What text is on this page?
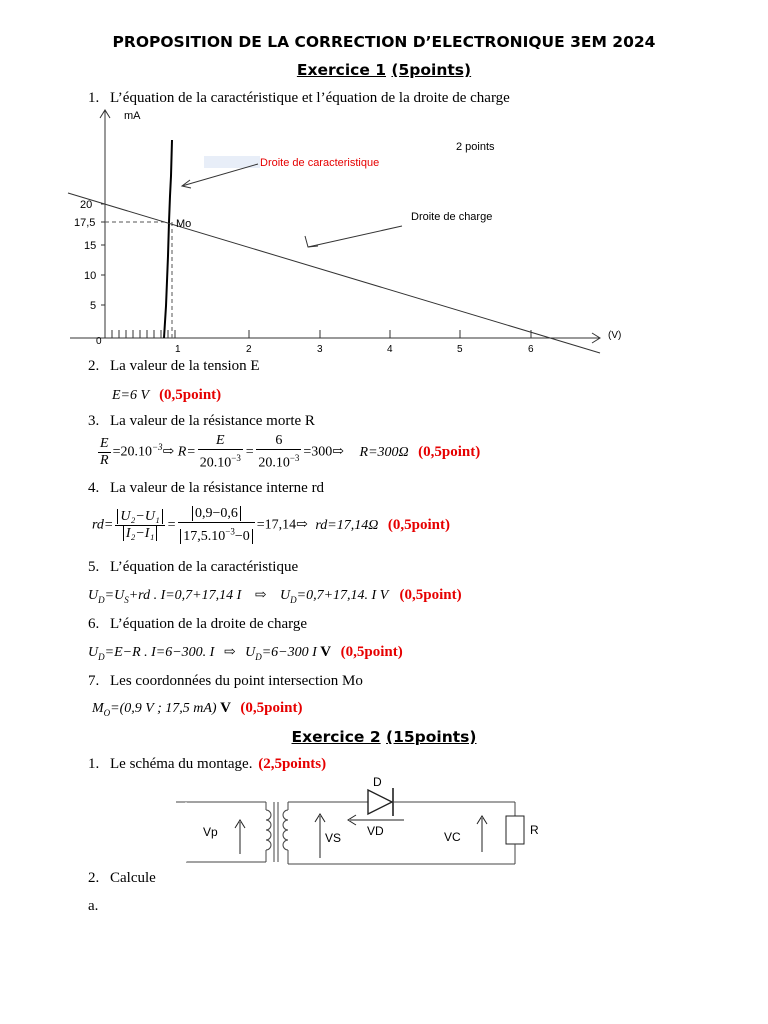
PROPOSITION DE LA CORRECTION D’ELECTRONIQUE 3EM 2024
Exercice 1 (5points)
1. L’équation de la caractéristique et l’équation de la droite de charge
mA
(V)
20
17,5
15
10
5
0
1	2	3	4	5	6
Mo
2 points
Droite de caracteristique
Droite de charge
2. La valeur de la tension E
E=6 V (0,5point)
3. La valeur de la résistance morte R
$\frac{E}{R}$ $=20.10^{-3}⇨$ $R= \frac{E}{20.10^{-3}} = \frac{6}{20.10^{-3}}$ =300⇨ R=300Ω (0,5point)
4. La valeur de la résistance interne rd
$rd= \frac{\text{U₂−U₁}}{\text{I₂−I₁}} = \frac{0,9-0,6}{17,5.10^{-3}-0}$ =17,14⇨ rd=17,14Ω (0,5point)
5. L’équation de la caractéristique
$U_D=U_S+rd$ . I=0,7+17,14 I ⇨ $U_D=0,7+17,14$. I V (0,5point)
6. L’équation de la droite de charge
$U_D=E-R$ . I=6−300. I ⇨ $U_D=6-300$ I V (0,5point)
7. Les coordonnées du point intersection Mo
$M_O=(0,9$ V ; 17,5 mA) V (0,5point)
Exercice 2 (15points)
1. Le schéma du montage. (2,5points)
D
R
Vp	VS VD	VC
2. Calcule
a.
